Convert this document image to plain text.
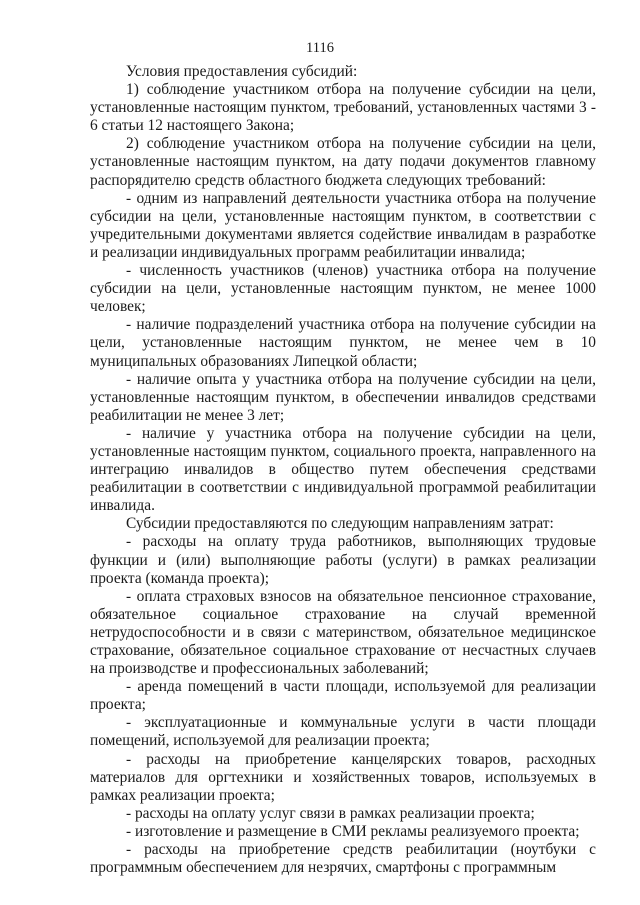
1116

Условия предоставления субсидий:

1) соблюдение участником отбора на получение субсидии на цели, установленные настоящим пунктом, требований, установленных частями 3 - 6 статьи 12 настоящего Закона;

2) соблюдение участником отбора на получение субсидии на цели, установленные настоящим пунктом, на дату подачи документов главному распорядителю средств областного бюджета следующих требований:

- одним из направлений деятельности участника отбора на получение субсидии на цели, установленные настоящим пунктом, в соответствии с учредительными документами является содействие инвалидам в разработке и реализации индивидуальных программ реабилитации инвалида;

- численность участников (членов) участника отбора на получение субсидии на цели, установленные настоящим пунктом, не менее 1000 человек;

- наличие подразделений участника отбора на получение субсидии на цели, установленные настоящим пунктом, не менее чем в 10 муниципальных образованиях Липецкой области;

- наличие опыта у участника отбора на получение субсидии на цели, установленные настоящим пунктом, в обеспечении инвалидов средствами реабилитации не менее 3 лет;

- наличие у участника отбора на получение субсидии на цели, установленные настоящим пунктом, социального проекта, направленного на интеграцию инвалидов в общество путем обеспечения средствами реабилитации в соответствии с индивидуальной программой реабилитации инвалида.

Субсидии предоставляются по следующим направлениям затрат:

- расходы на оплату труда работников, выполняющих трудовые функции и (или) выполняющие работы (услуги) в рамках реализации проекта (команда проекта);

- оплата страховых взносов на обязательное пенсионное страхование, обязательное социальное страхование на случай временной нетрудоспособности и в связи с материнством, обязательное медицинское страхование, обязательное социальное страхование от несчастных случаев на производстве и профессиональных заболеваний;

- аренда помещений в части площади, используемой для реализации проекта;

- эксплуатационные и коммунальные услуги в части площади помещений, используемой для реализации проекта;

- расходы на приобретение канцелярских товаров, расходных материалов для оргтехники и хозяйственных товаров, используемых в рамках реализации проекта;

- расходы на оплату услуг связи в рамках реализации проекта;

- изготовление и размещение в СМИ рекламы реализуемого проекта;

- расходы на приобретение средств реабилитации (ноутбуки с программным обеспечением для незрячих, смартфоны с программным
